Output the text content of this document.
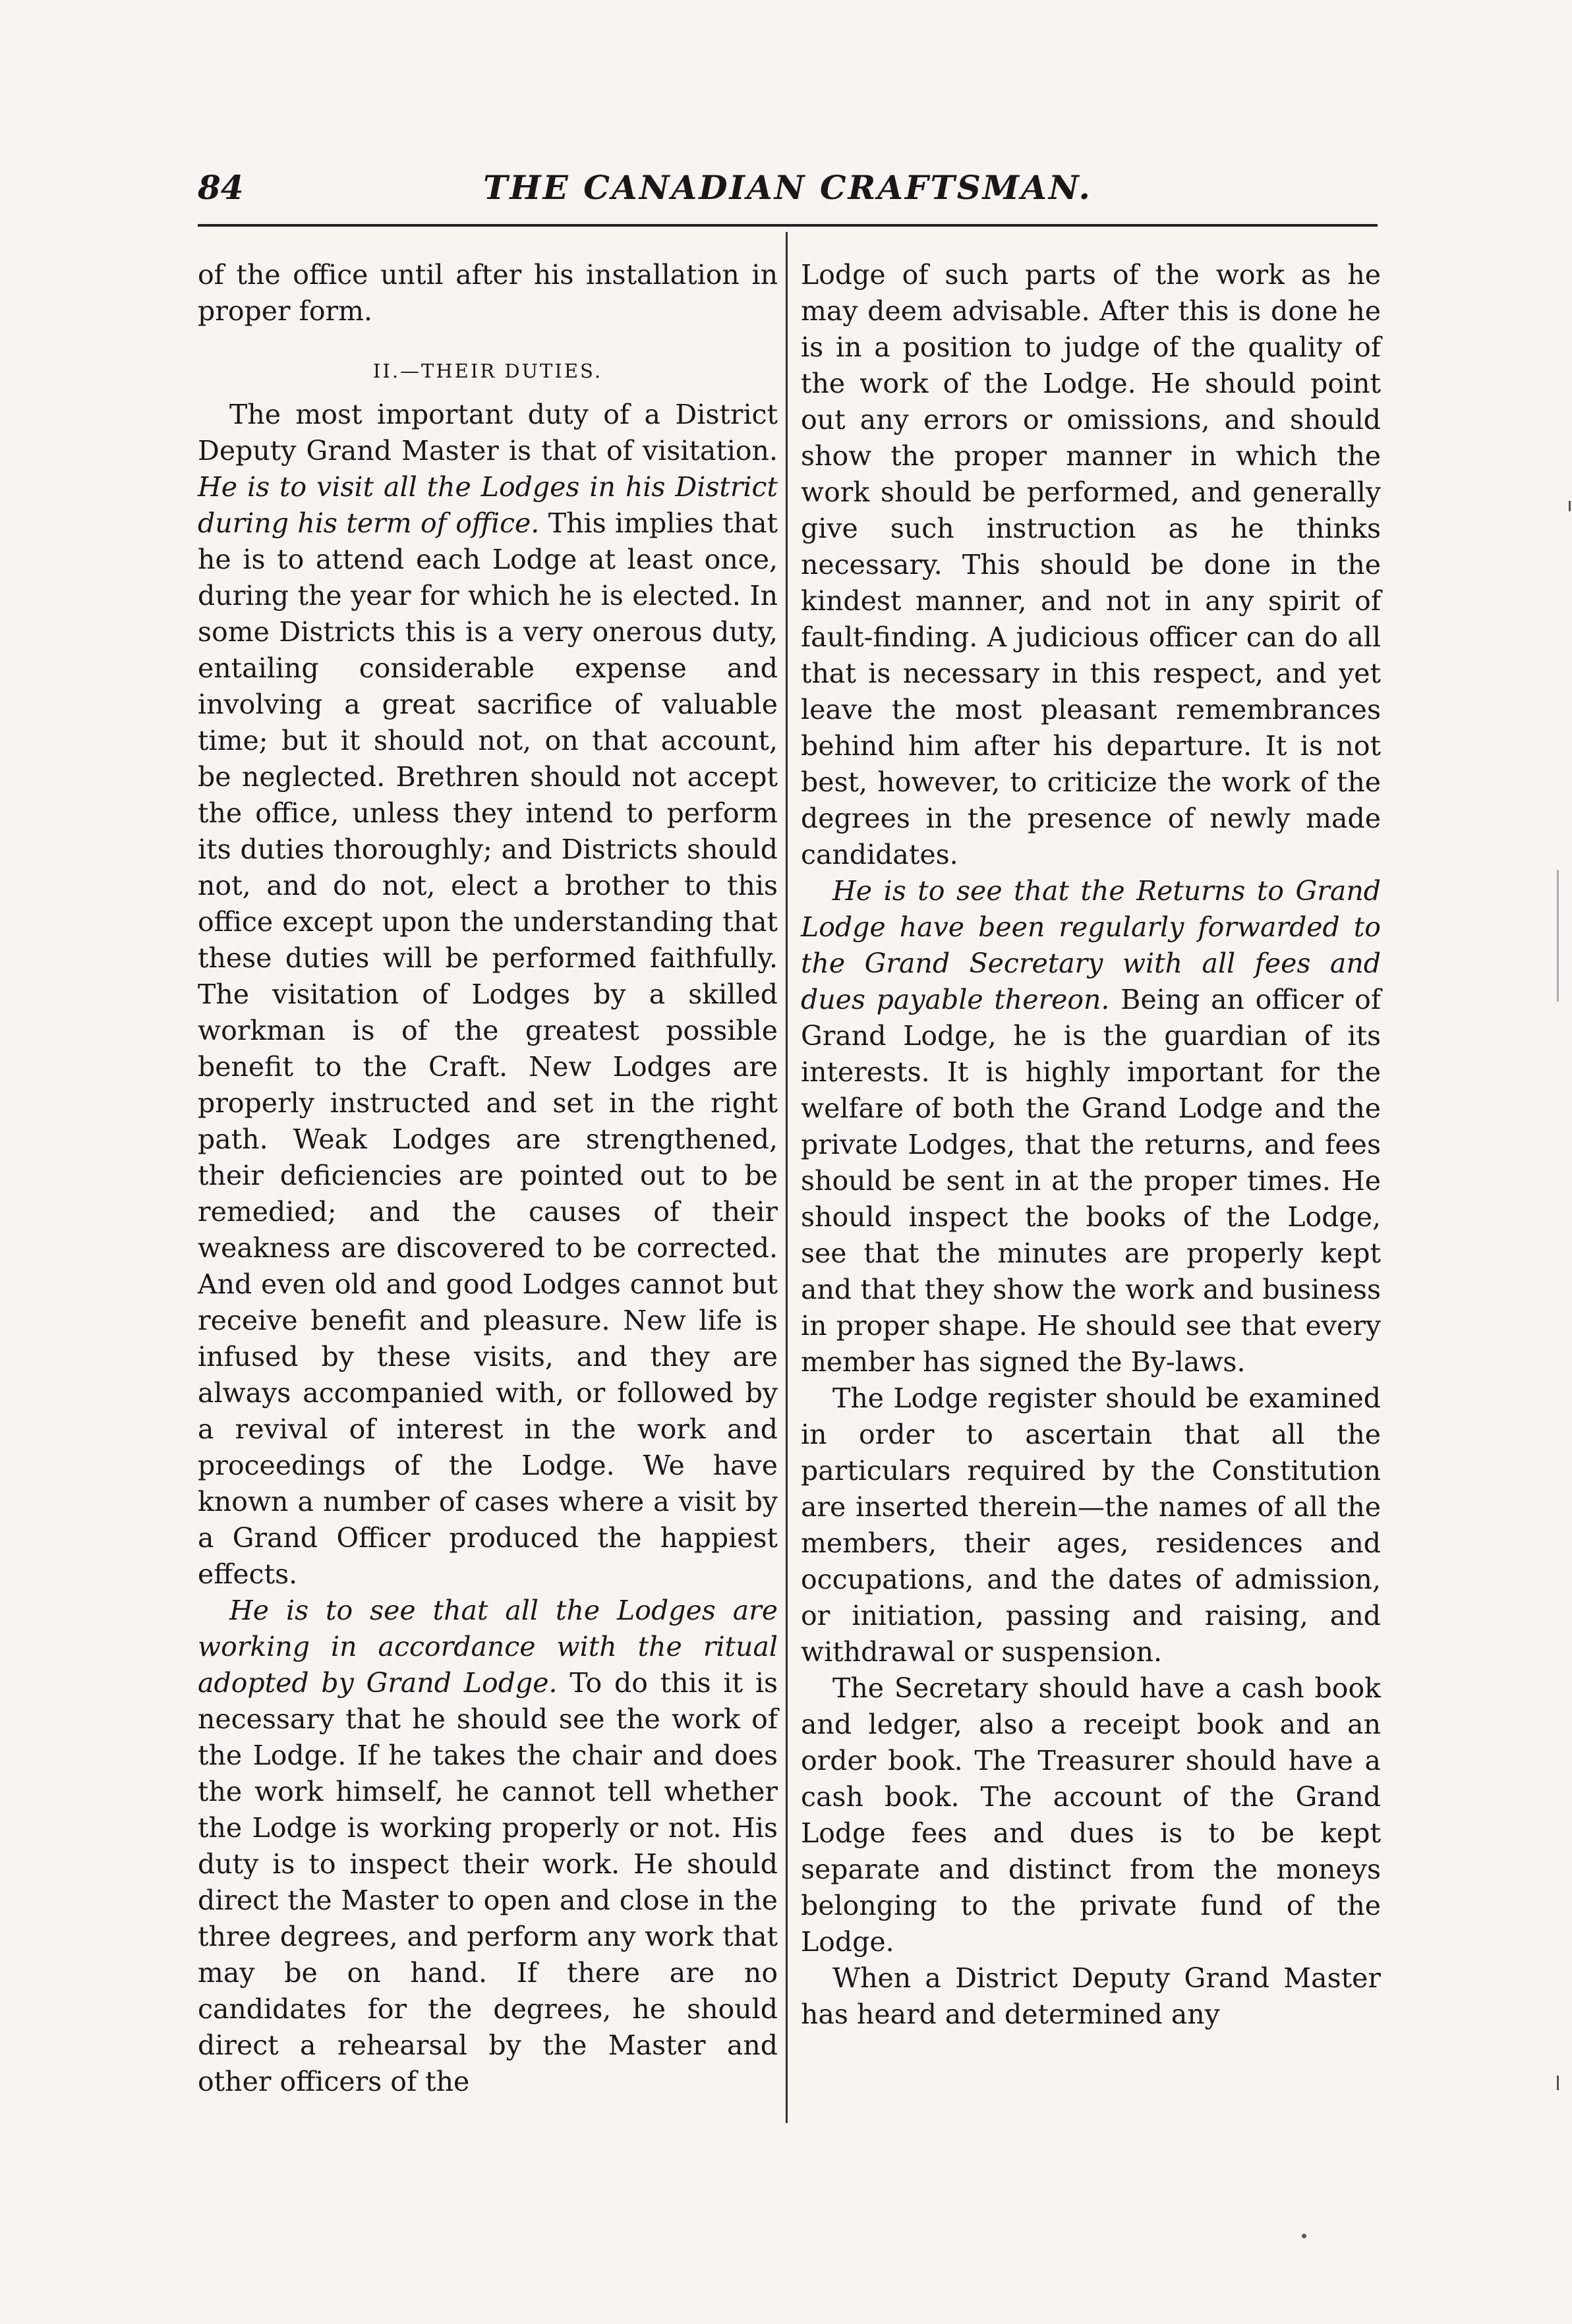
84	THE CANADIAN CRAFTSMAN.

of the office until after his installation in proper form.

II.—THEIR DUTIES.

The most important duty of a District Deputy Grand Master is that of visitation. He is to visit all the Lodges in his District during his term of office. This implies that he is to attend each Lodge at least once, during the year for which he is elected. In some Districts this is a very onerous duty, entailing considerable expense and involving a great sacrifice of valuable time; but it should not, on that account, be neglected. Brethren should not accept the office, unless they intend to perform its duties thoroughly; and Districts should not, and do not, elect a brother to this office except upon the understanding that these duties will be performed faithfully. The visitation of Lodges by a skilled workman is of the greatest possible benefit to the Craft. New Lodges are properly instructed and set in the right path. Weak Lodges are strengthened, their deficiencies are pointed out to be remedied; and the causes of their weakness are discovered to be corrected. And even old and good Lodges cannot but receive benefit and pleasure. New life is infused by these visits, and they are always accompanied with, or followed by a revival of interest in the work and proceedings of the Lodge. We have known a number of cases where a visit by a Grand Officer produced the happiest effects.

He is to see that all the Lodges are working in accordance with the ritual adopted by Grand Lodge. To do this it is necessary that he should see the work of the Lodge. If he takes the chair and does the work himself, he cannot tell whether the Lodge is working properly or not. His duty is to inspect their work. He should direct the Master to open and close in the three degrees, and perform any work that may be on hand. If there are no candidates for the degrees, he should direct a rehearsal by the Master and other officers of the

Lodge of such parts of the work as he may deem advisable. After this is done he is in a position to judge of the quality of the work of the Lodge. He should point out any errors or omissions, and should show the proper manner in which the work should be performed, and generally give such instruction as he thinks necessary. This should be done in the kindest manner, and not in any spirit of fault-finding. A judicious officer can do all that is necessary in this respect, and yet leave the most pleasant remembrances behind him after his departure. It is not best, however, to criticize the work of the degrees in the presence of newly made candidates.

He is to see that the Returns to Grand Lodge have been regularly forwarded to the Grand Secretary with all fees and dues payable thereon. Being an officer of Grand Lodge, he is the guardian of its interests. It is highly important for the welfare of both the Grand Lodge and the private Lodges, that the returns, and fees should be sent in at the proper times. He should inspect the books of the Lodge, see that the minutes are properly kept and that they show the work and business in proper shape. He should see that every member has signed the By-laws.

The Lodge register should be examined in order to ascertain that all the particulars required by the Constitution are inserted therein—the names of all the members, their ages, residences and occupations, and the dates of admission, or initiation, passing and raising, and withdrawal or suspension.

The Secretary should have a cash book and ledger, also a receipt book and an order book. The Treasurer should have a cash book. The account of the Grand Lodge fees and dues is to be kept separate and distinct from the moneys belonging to the private fund of the Lodge.

When a District Deputy Grand Master has heard and determined any
